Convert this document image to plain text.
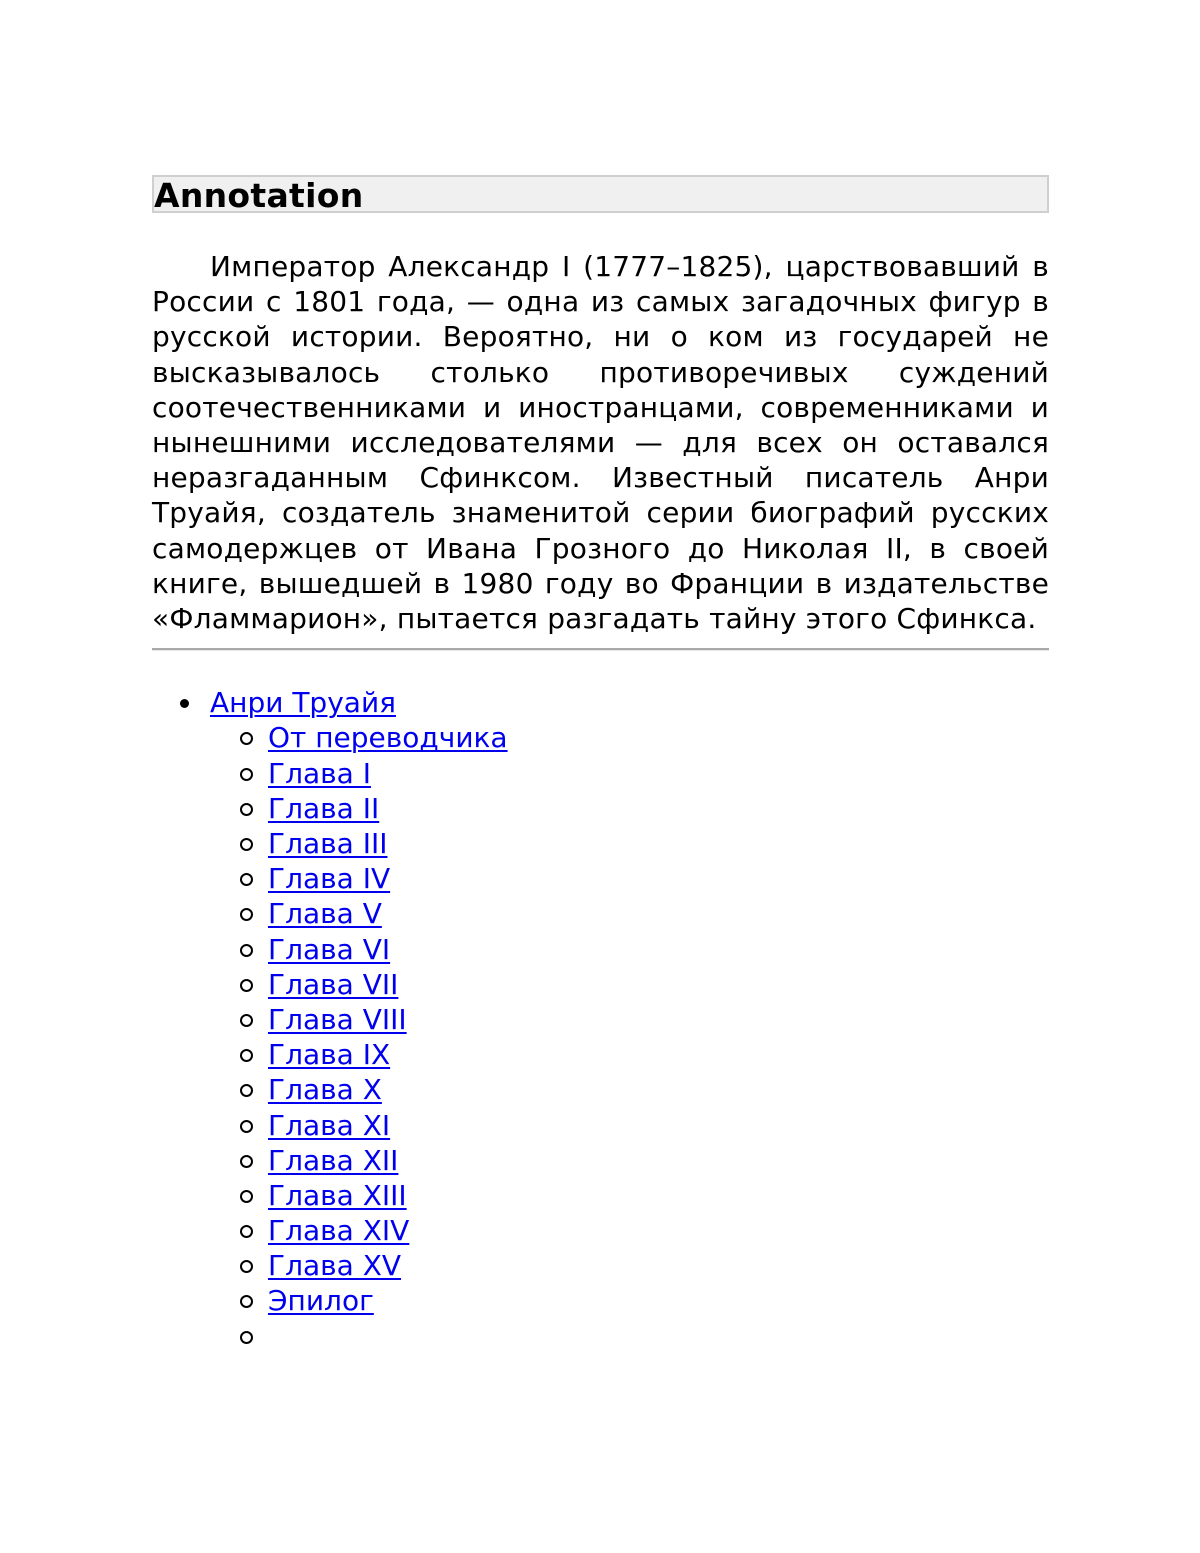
Annotation

Император Александр I (1777–1825), царствовавший в России с 1801 года, — одна из самых загадочных фигур в русской истории. Вероятно, ни о ком из государей не высказывалось столько противоречивых суждений соотечественниками и иностранцами, современниками и нынешними исследователями — для всех он оставался неразгаданным Сфинксом. Известный писатель Анри Труайя, создатель знаменитой серии биографий русских самодержцев от Ивана Грозного до Николая II, в своей книге, вышедшей в 1980 году во Франции в издательстве «Фламмарион», пытается разгадать тайну этого Сфинкса.

Анри Труайя
От переводчика
Глава I
Глава II
Глава III
Глава IV
Глава V
Глава VI
Глава VII
Глава VIII
Глава IX
Глава X
Глава XI
Глава XII
Глава XIII
Глава XIV
Глава XV
Эпилог
